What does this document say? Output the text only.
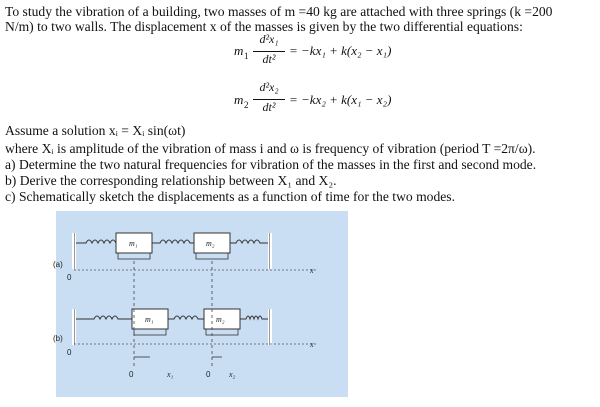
To study the vibration of a building, two masses of m =40 kg are attached with three springs (k =200
N/m) to two walls. The displacement x of the masses is given by the two differential equations:
m 1
d²x₁
dt²
= −kx₁ + k(x₂ − x₁)
m 2
d²x₂
dt²	= −kx₂ + k(x₁ − x₂)
Assume a solution xᵢ = Xᵢ sin(ωt)
where Xᵢ is amplitude of the vibration of mass i and ω is frequency of vibration (period T =2π/ω).
a) Determine the two natural frequencies for vibration of the masses in the first and second mode.
b) Derive the corresponding relationship between X₁ and X₂.
c) Schematically sketch the displacements as a function of time for the two modes.
m₁	m₂
(a)
0
x
m₁	m₂
(b)
0
x
0	x₁	0 x₂
